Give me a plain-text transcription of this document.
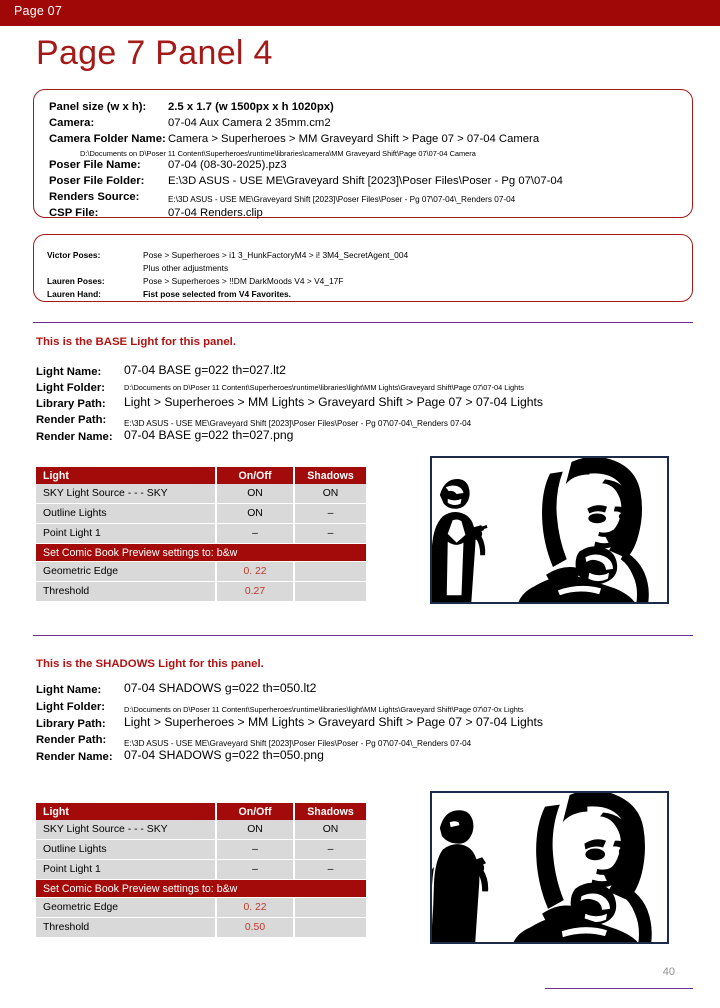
Page 07
Page 7 Panel 4
Panel size (w x h): 2.5 x 1.7 (w 1500px x h 1020px)
Camera:	07-04 Aux Camera 2 35mm.cm2
Camera Folder Name: Camera > Superheroes > MM Graveyard Shift > Page 07 > 07-04 Camera
D:\Documents on D\Poser 11 Content\Superheroes\runtime\libraries\camera\MM Graveyard Shift\Page 07\07-04 Camera
Poser File Name: 07-04 (08-30-2025).pz3
Poser File Folder: E:\3D ASUS - USE ME\Graveyard Shift [2023]\Poser Files\Poser - Pg 07\07-04
Renders Source:	E:\3D ASUS - USE ME\Graveyard Shift [2023]\Poser Files\Poser - Pg 07\07-04\_Renders 07-04
CSP File:	07-04 Renders.clip
Victor Poses:	Pose > Superheroes > i1 3_HunkFactoryM4 > i! 3M4_SecretAgent_004
Plus other adjustments
Lauren Poses:	Pose > Superheroes > !!DM DarkMoods V4 > V4_17F
Lauren Hand:	Fist pose selected from V4 Favorites.
This is the BASE Light for this panel.
Light Name: 07-04 BASE g=022 th=027.lt2
Light Folder:	D:\Documents on D\Poser 11 Content\Superheroes\runtime\libraries\light\MM Lights\Graveyard Shift\Page 07\07-04 Lights
Library Path: Light > Superheroes > MM Lights > Graveyard Shift > Page 07 > 07-04 Lights
Render Path: E:\3D ASUS - USE ME\Graveyard Shift [2023]\Poser Files\Poser - Pg 07\07-04\_Renders 07-04
Render Name: 07-04 BASE g=022 th=027.png
Light	On/Off	Shadows
SKY Light Source - - - SKY	ON	ON
Outline Lights	ON	–
Point Light 1	–	–
Set Comic Book Preview settings to: b&w		
Geometric Edge	0. 22	
Threshold	0.27	
This is the SHADOWS Light for this panel.
Light Name: 07-04 SHADOWS g=022 th=050.lt2
Light Folder:	D:\Documents on D\Poser 11 Content\Superheroes\runtime\libraries\light\MM Lights\Graveyard Shift\Page 07\07-0x Lights
Library Path: Light > Superheroes > MM Lights > Graveyard Shift > Page 07 > 07-04 Lights
Render Path: E:\3D ASUS - USE ME\Graveyard Shift [2023]\Poser Files\Poser - Pg 07\07-04\_Renders 07-04
Render Name: 07-04 SHADOWS g=022 th=050.png
Light	On/Off	Shadows
SKY Light Source - - - SKY	ON	ON
Outline Lights	–	–
Point Light 1	–	–
Set Comic Book Preview settings to: b&w		
Geometric Edge	0. 22	
Threshold	0.50	
40
